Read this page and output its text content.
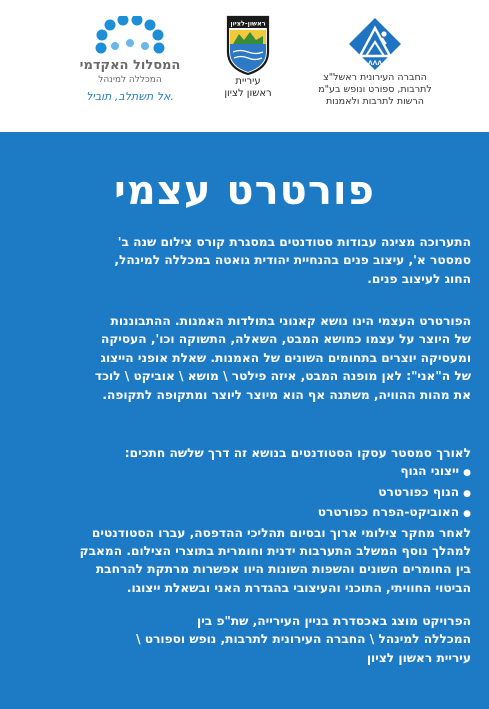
המסלול האקדמי
המכללה למינהל
אל תשתלב, תוביל.
ראשון-לציון
עיריית
ראשון לציון
ΛΛΛ
החברה העירונית ראשל"צ
לתרבות, ספורט ונופש בע"מ
הרשות לתרבות ולאמנות
פורטרט עצמי
התערוכה מציגה עבודות סטודנטים במסגרת קורס צילום שנה ב'
סמסטר א', עיצוב פנים בהנחיית יהודית גואטה במכללה למינהל,
החוג לעיצוב פנים.
הפורטרט העצמי הינו נושא קאנוני בתולדות האמנות. ההתבוננות
של היוצר על עצמו כמושא המבט, השאלה, התשוקה וכו', העסיקה
ומעסיקה יוצרים בתחומים השונים של האמנות. שאלת אופני הייצוג
של ה"אני": לאן מופנה המבט, איזה פילטר \ מושא \ אוביקט \ לוכד
את מהות ההוויה, משתנה אף הוא מיוצר ליוצר ומתקופה לתקופה.
לאורך סמסטר עסקו הסטודנטים בנושא זה דרך שלשה חתכים:
● ייצוגי הגוף
● הנוף כפורטרט
● האוביקט-הפרח כפורטרט
לאחר מחקר צילומי ארוך ובסיום תהליכי ההדפסה, עברו הסטודנטים
למהלך נוסף המשלב התערבות ידנית וחומרית בתוצרי הצילום. המאבק
בין החומרים השונים והשפות השונות היוו אפשרות מרתקת להרחבת
הביטוי החוויתי, התוכני והעיצובי בהגדרת האני ובשאלת ייצוגו.
הפרויקט מוצג באכסדרת בניין העירייה, שת"פ בין
המכללה למינהל \ החברה העירונית לתרבות, נופש וספורט \
עיריית ראשון לציון
